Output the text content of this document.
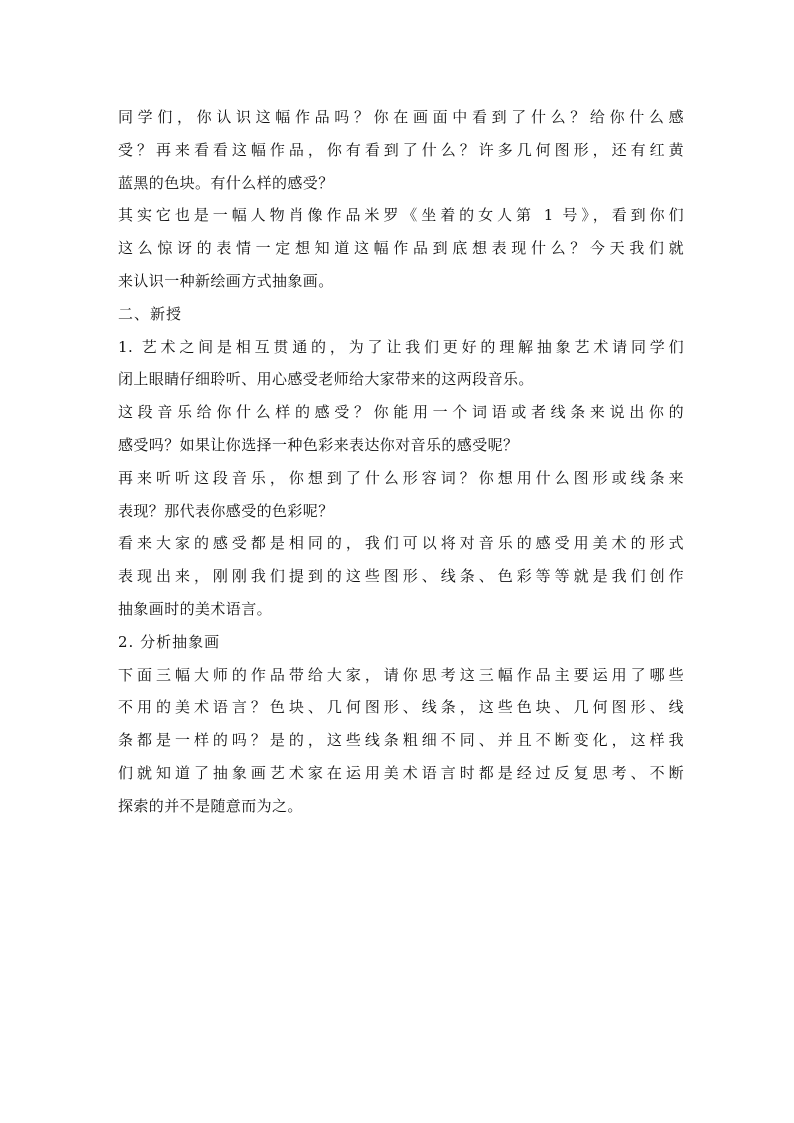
同学们，你认识这幅作品吗？你在画面中看到了什么？给你什么感
受？再来看看这幅作品，你有看到了什么？许多几何图形，还有红黄
蓝黑的色块。有什么样的感受？
其实它也是一幅人物肖像作品米罗《坐着的女人第 1 号》，看到你们
这么惊讶的表情一定想知道这幅作品到底想表现什么？今天我们就
来认识一种新绘画方式抽象画。
二、新授
1. 艺术之间是相互贯通的，为了让我们更好的理解抽象艺术请同学们
闭上眼睛仔细聆听、用心感受老师给大家带来的这两段音乐。
这段音乐给你什么样的感受？你能用一个词语或者线条来说出你的
感受吗？如果让你选择一种色彩来表达你对音乐的感受呢？
再来听听这段音乐，你想到了什么形容词？你想用什么图形或线条来
表现？那代表你感受的色彩呢？
看来大家的感受都是相同的，我们可以将对音乐的感受用美术的形式
表现出来，刚刚我们提到的这些图形、线条、色彩等等就是我们创作
抽象画时的美术语言。
2. 分析抽象画
下面三幅大师的作品带给大家，请你思考这三幅作品主要运用了哪些
不用的美术语言？色块、几何图形、线条，这些色块、几何图形、线
条都是一样的吗？是的，这些线条粗细不同、并且不断变化，这样我
们就知道了抽象画艺术家在运用美术语言时都是经过反复思考、不断
探索的并不是随意而为之。
